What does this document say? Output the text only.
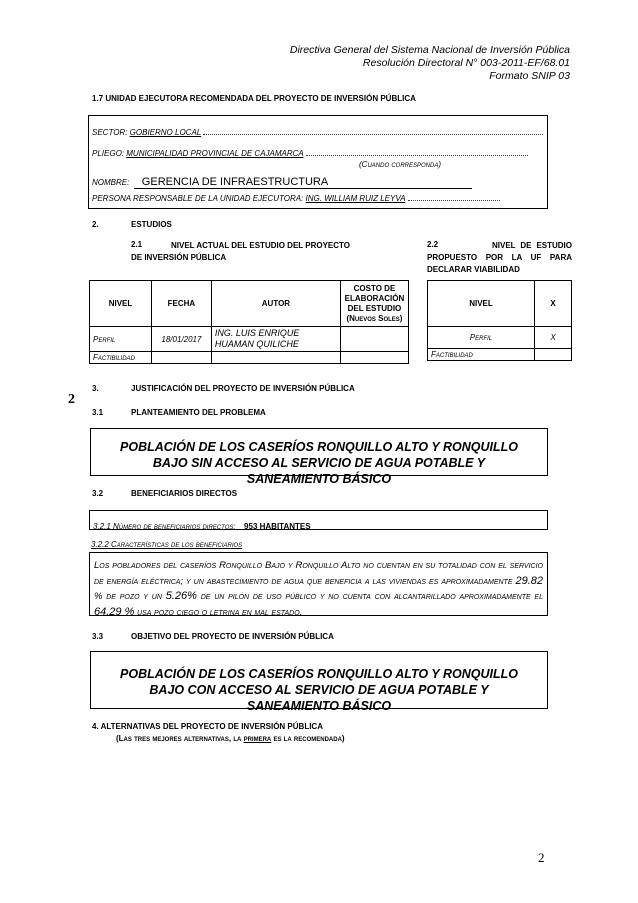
Directiva General del Sistema Nacional de Inversión Pública
Resolución Directoral N° 003-2011-EF/68.01
Formato SNIP 03
1.7 UNIDAD EJECUTORA RECOMENDADA DEL PROYECTO DE INVERSIÓN PÚBLICA
SECTOR: GOBIERNO LOCAL
PLIEGO: MUNICIPALIDAD PROVINCIAL DE CAJAMARCA
(Cuando corresponda)
NOMBRE: GERENCIA DE INFRAESTRUCTURA
PERSONA RESPONSABLE DE LA UNIDAD EJECUTORA: ING. WILLIAM RUIZ LEYVA
2.	ESTUDIOS
2.1	NIVEL ACTUAL DEL ESTUDIO DEL PROYECTO DE INVERSIÓN PÚBLICA
2.2	NIVEL DE ESTUDIO PROPUESTO POR LA UF PARA DECLARAR VIABILIDAD
NIVEL	FECHA	AUTOR	COSTO DE ELABORACIÓN DEL ESTUDIO
(Nuevos Soles)

Perfil	18/01/2017	ING. LUIS ENRIQUE HUAMAN QUILICHE	
Factibilidad			
NIVEL	X
Perfil	X
Factibilidad	
2
3.	JUSTIFICACIÓN DEL PROYECTO DE INVERSIÓN PÚBLICA
3.1	PLANTEAMIENTO DEL PROBLEMA
POBLACIÓN DE LOS CASERÍOS RONQUILLO ALTO Y RONQUILLO BAJO SIN ACCESO AL SERVICIO DE AGUA POTABLE Y SANEAMIENTO BÁSICO
3.2	BENEFICIARIOS DIRECTOS
3.2.1 Número de beneficiarios directos: 953 HABITANTES
3.2.2 Características de los beneficiarios
Los pobladores del caseríos Ronquillo Bajo y Ronquillo Alto no cuentan en su totalidad con el servicio de energía eléctrica; y un abastecimiento de agua que beneficia a las viviendas es aproximadamente 29.82 % de pozo y un 5.26% de un pilón de uso público y no cuenta con alcantarillado aproximadamente el 64.29 % usa pozo ciego o letrina en mal estado.
3.3	OBJETIVO DEL PROYECTO DE INVERSIÓN PÚBLICA
POBLACIÓN DE LOS CASERÍOS RONQUILLO ALTO Y RONQUILLO BAJO CON ACCESO AL SERVICIO DE AGUA POTABLE Y SANEAMIENTO BÁSICO
4. ALTERNATIVAS DEL PROYECTO DE INVERSIÓN PÚBLICA
(Las tres mejores alternativas, la primera es la recomendada)
2
